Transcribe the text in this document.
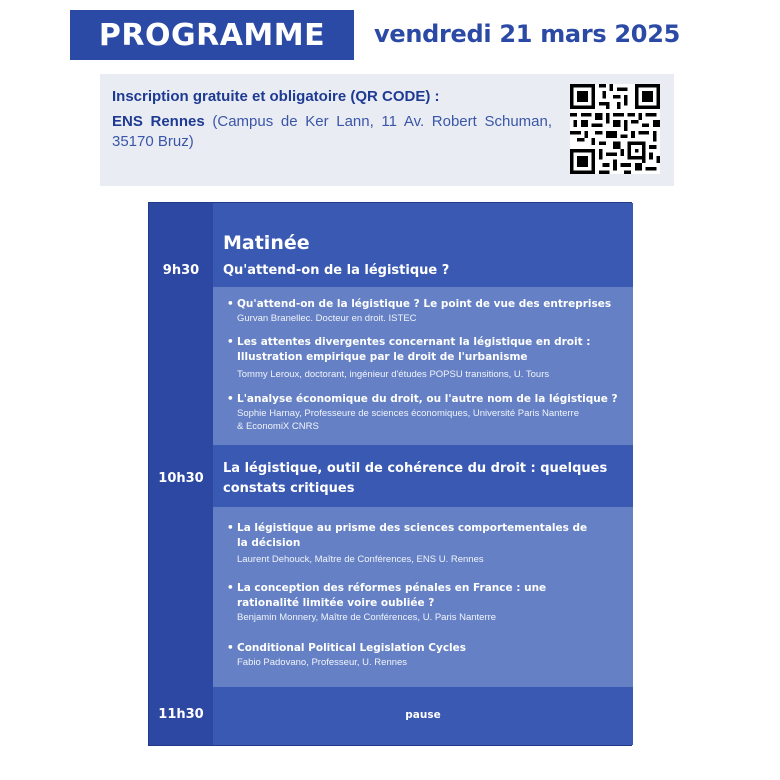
PROGRAMME	vendredi 21 mars 2025
Inscription gratuite et obligatoire (QR CODE) :
ENS Rennes (Campus de Ker Lann, 11 Av. Robert Schuman, 35170 Bruz)
9h30
10h30
11h30
Matinée
Qu'attend-on de la légistique ?
• Qu'attend-on de la légistique ? Le point de vue des entreprises
Gurvan Branellec. Docteur en droit. ISTEC
• Les attentes divergentes concernant la légistique en droit : Illustration empirique par le droit de l'urbanisme
Tommy Leroux, doctorant, ingénieur d'études POPSU transitions, U. Tours
• L'analyse économique du droit, ou l'autre nom de la légistique ?
Sophie Harnay, Professeure de sciences économiques, Université Paris Nanterre & EconomiX CNRS
La légistique, outil de cohérence du droit : quelques constats critiques
• La légistique au prisme des sciences comportementales de la décision
Laurent Dehouck, Maître de Conférences, ENS U. Rennes
• La conception des réformes pénales en France : une rationalité limitée voire oubliée ?
Benjamin Monnery, Maître de Conférences, U. Paris Nanterre
• Conditional Political Legislation Cycles
Fabio Padovano, Professeur, U. Rennes
pause
